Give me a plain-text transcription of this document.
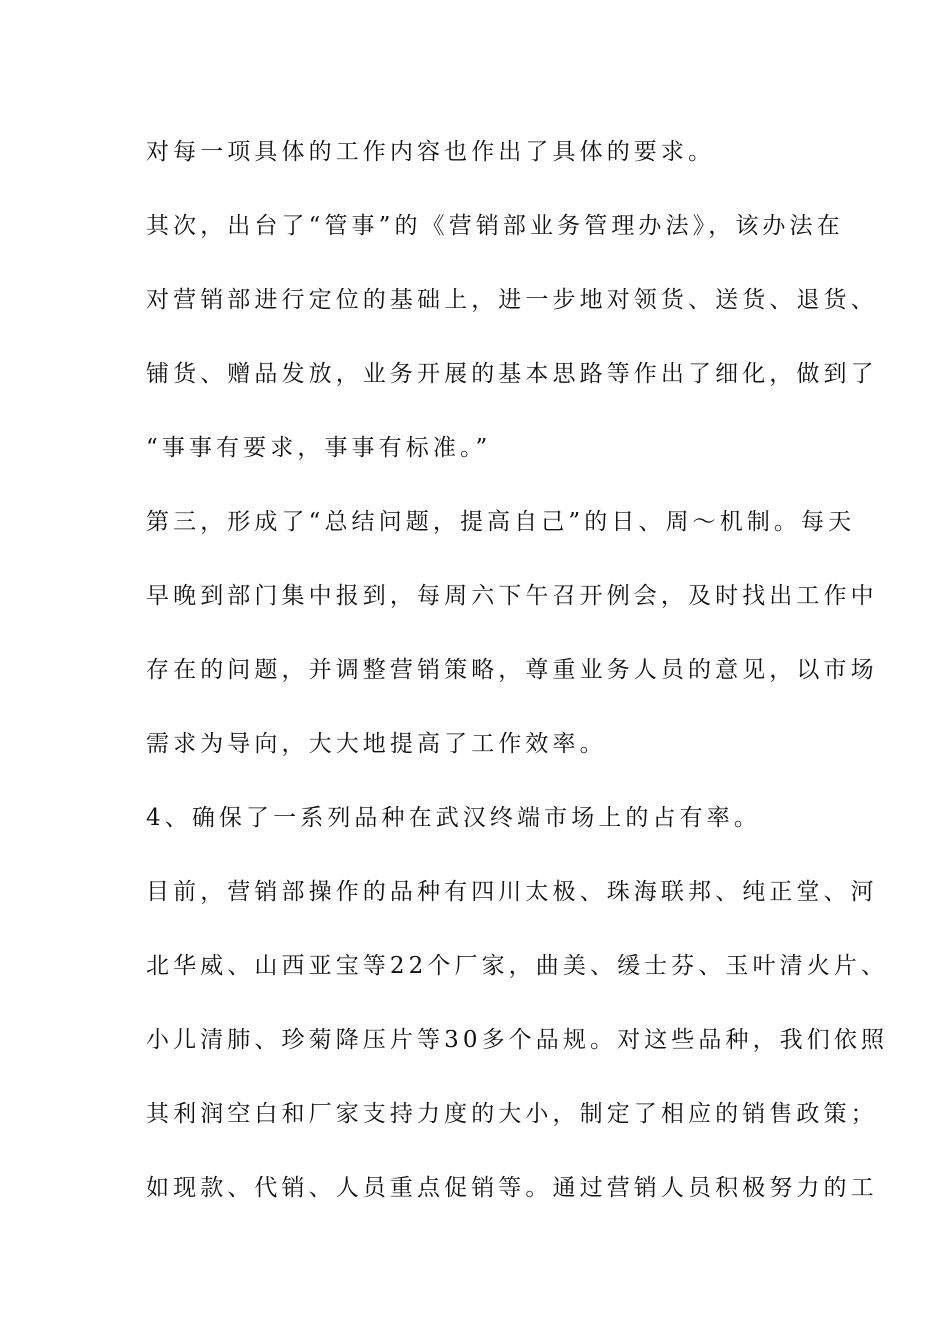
对每一项具体的工作内容也作出了具体的要求。
其次，出台了“管事”的《营销部业务管理办法》，该办法在
对营销部进行定位的基础上，进一步地对领货、送货、退货、
铺货、赠品发放，业务开展的基本思路等作出了细化，做到了
“事事有要求，事事有标准。”
第三，形成了“总结问题，提高自己”的日、周～机制。每天
早晚到部门集中报到，每周六下午召开例会，及时找出工作中
存在的问题，并调整营销策略，尊重业务人员的意见，以市场
需求为导向，大大地提高了工作效率。
4、确保了一系列品种在武汉终端市场上的占有率。
目前，营销部操作的品种有四川太极、珠海联邦、纯正堂、河
北华威、山西亚宝等22个厂家，曲美、缓士芬、玉叶清火片、
小儿清肺、珍菊降压片等30多个品规。对这些品种，我们依照
其利润空白和厂家支持力度的大小，制定了相应的销售政策；
如现款、代销、人员重点促销等。通过营销人员积极努力的工
